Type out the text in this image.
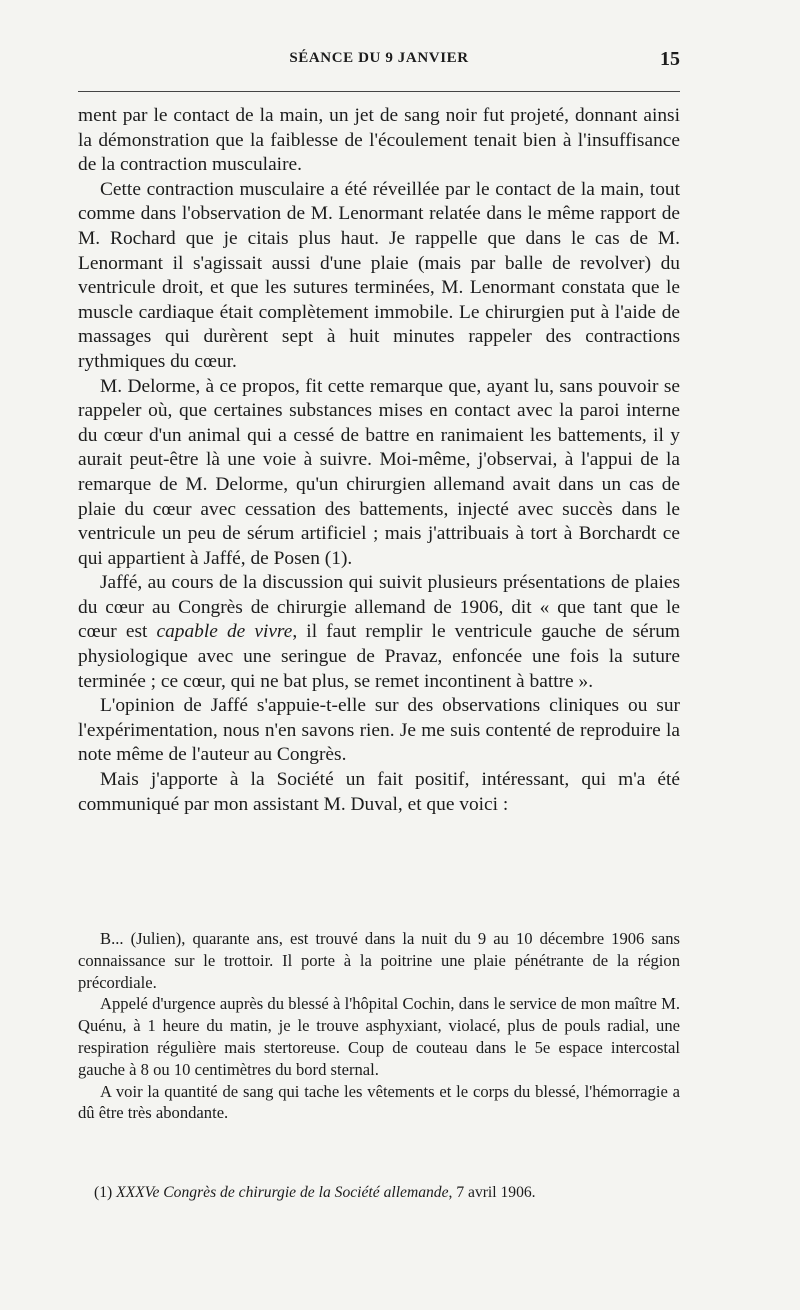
SÉANCE DU 9 JANVIER	15

ment par le contact de la main, un jet de sang noir fut projeté, donnant ainsi la démonstration que la faiblesse de l'écoulement tenait bien à l'insuffisance de la contraction musculaire.

Cette contraction musculaire a été réveillée par le contact de la main, tout comme dans l'observation de M. Lenormant relatée dans le même rapport de M. Rochard que je citais plus haut. Je rappelle que dans le cas de M. Lenormant il s'agissait aussi d'une plaie (mais par balle de revolver) du ventricule droit, et que les sutures terminées, M. Lenormant constata que le muscle cardiaque était complètement immobile. Le chirurgien put à l'aide de massages qui durèrent sept à huit minutes rappeler des contractions rythmiques du cœur.

M. Delorme, à ce propos, fit cette remarque que, ayant lu, sans pouvoir se rappeler où, que certaines substances mises en contact avec la paroi interne du cœur d'un animal qui a cessé de battre en ranimaient les battements, il y aurait peut-être là une voie à suivre. Moi-même, j'observai, à l'appui de la remarque de M. Delorme, qu'un chirurgien allemand avait dans un cas de plaie du cœur avec cessation des battements, injecté avec succès dans le ventricule un peu de sérum artificiel ; mais j'attribuais à tort à Borchardt ce qui appartient à Jaffé, de Posen (1).

Jaffé, au cours de la discussion qui suivit plusieurs présentations de plaies du cœur au Congrès de chirurgie allemand de 1906, dit « que tant que le cœur est capable de vivre, il faut remplir le ventricule gauche de sérum physiologique avec une seringue de Pravaz, enfoncée une fois la suture terminée ; ce cœur, qui ne bat plus, se remet incontinent à battre ».

L'opinion de Jaffé s'appuie-t-elle sur des observations cliniques ou sur l'expérimentation, nous n'en savons rien. Je me suis contenté de reproduire la note même de l'auteur au Congrès.

Mais j'apporte à la Société un fait positif, intéressant, qui m'a été communiqué par mon assistant M. Duval, et que voici :

B... (Julien), quarante ans, est trouvé dans la nuit du 9 au 10 décembre 1906 sans connaissance sur le trottoir. Il porte à la poitrine une plaie pénétrante de la région précordiale.

Appelé d'urgence auprès du blessé à l'hôpital Cochin, dans le service de mon maître M. Quénu, à 1 heure du matin, je le trouve asphyxiant, violacé, plus de pouls radial, une respiration régulière mais stertoreuse. Coup de couteau dans le 5e espace intercostal gauche à 8 ou 10 centimètres du bord sternal.

A voir la quantité de sang qui tache les vêtements et le corps du blessé, l'hémorragie a dû être très abondante.

(1) XXXVe Congrès de chirurgie de la Société allemande, 7 avril 1906.
